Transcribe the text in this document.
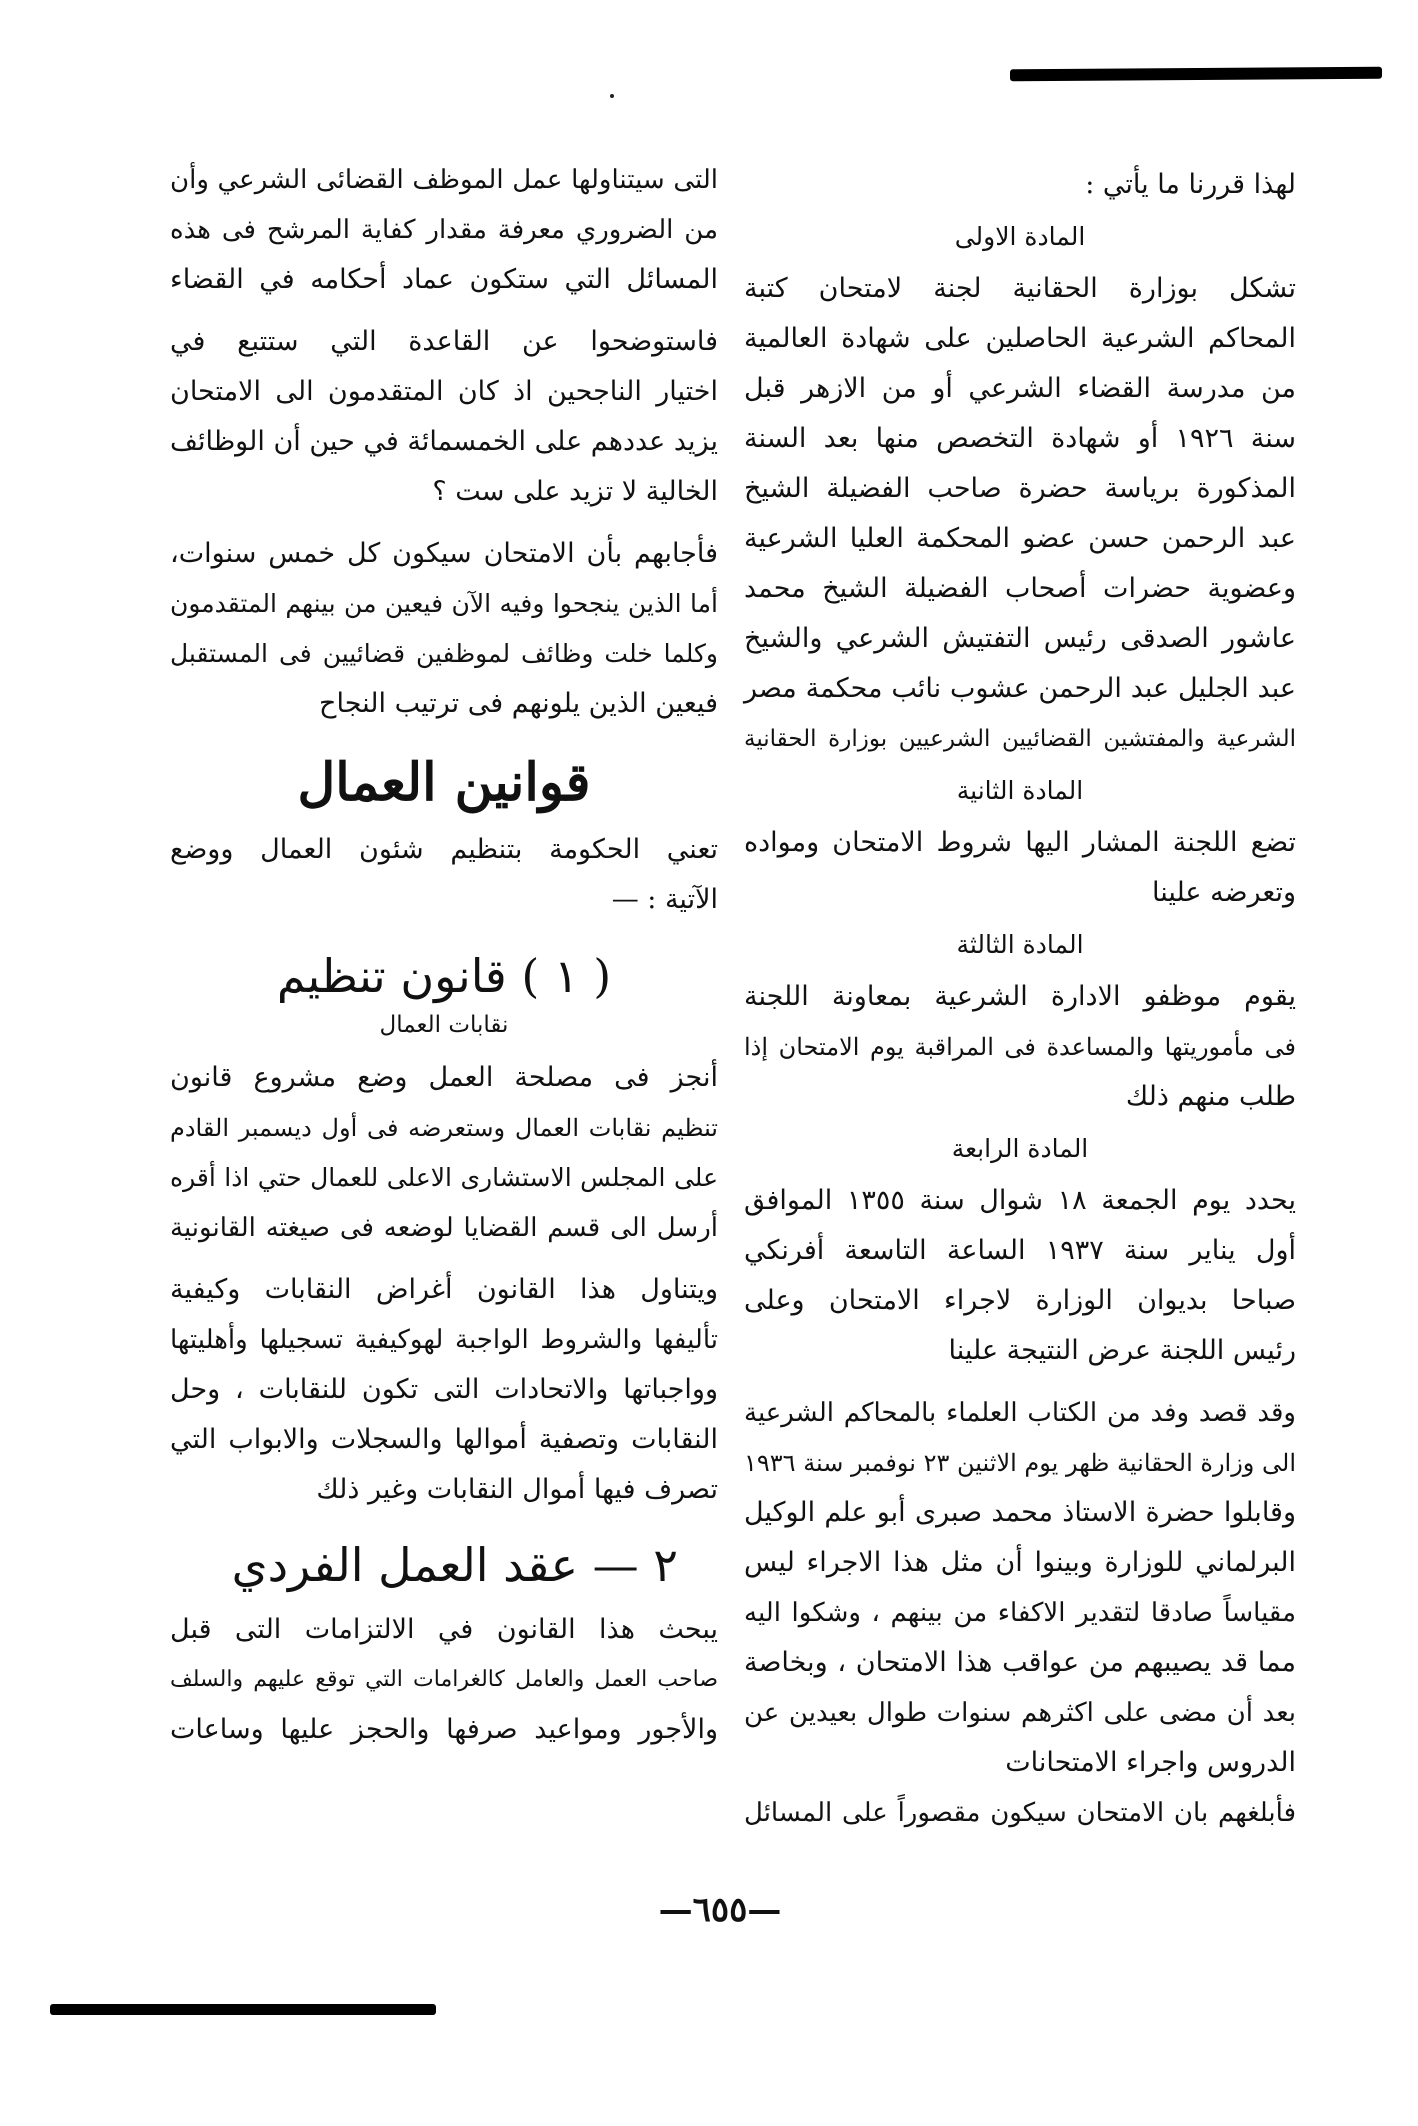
لهذا قررنا ما يأتي :
المادة الاولى
تشكل بوزارة الحقانية لجنة لامتحان كتبة
المحاكم الشرعية الحاصلين على شهادة العالمية
من مدرسة القضاء الشرعي أو من الازهر قبل
سنة ١٩٢٦ أو شهادة التخصص منها بعد السنة
المذكورة برياسة حضرة صاحب الفضيلة الشيخ
عبد الرحمن حسن عضو المحكمة العليا الشرعية
وعضوية حضرات أصحاب الفضيلة الشيخ محمد
عاشور الصدقى رئيس التفتيش الشرعي والشيخ
عبد الجليل عبد الرحمن عشوب نائب محكمة مصر
الشرعية والمفتشين القضائيين الشرعيين بوزارة الحقانية
المادة الثانية
تضع اللجنة المشار اليها شروط الامتحان ومواده
وتعرضه علينا
المادة الثالثة
يقوم موظفو الادارة الشرعية بمعاونة اللجنة
فى مأموريتها والمساعدة فى المراقبة يوم الامتحان إذا
طلب منهم ذلك
المادة الرابعة
يحدد يوم الجمعة ١٨ شوال سنة ١٣٥٥ الموافق
أول يناير سنة ١٩٣٧ الساعة التاسعة أفرنكي
صباحا بديوان الوزارة لاجراء الامتحان وعلى
رئيس اللجنة عرض النتيجة علينا
وقد قصد وفد من الكتاب العلماء بالمحاكم الشرعية
الى وزارة الحقانية ظهر يوم الاثنين ٢٣ نوفمبر سنة ١٩٣٦
وقابلوا حضرة الاستاذ محمد صبرى أبو علم الوكيل
البرلماني للوزارة وبينوا أن مثل هذا الاجراء ليس
مقياساً صادقا لتقدير الاكفاء من بينهم ، وشكوا اليه
مما قد يصيبهم من عواقب هذا الامتحان ، وبخاصة
بعد أن مضى على اكثرهم سنوات طوال بعيدين عن
الدروس واجراء الامتحانات
فأبلغهم بان الامتحان سيكون مقصوراً على المسائل
التى سيتناولها عمل الموظف القضائى الشرعي وأن
من الضروري معرفة مقدار كفاية المرشح فى هذه
المسائل التي ستكون عماد أحكامه في القضاء
فاستوضحوا عن القاعدة التي ستتبع في
اختيار الناجحين اذ كان المتقدمون الى الامتحان
يزيد عددهم على الخمسمائة في حين أن الوظائف
الخالية لا تزيد على ست ؟
فأجابهم بأن الامتحان سيكون كل خمس سنوات،
أما الذين ينجحوا وفيه الآن فيعين من بينهم المتقدمون
وكلما خلت وظائف لموظفين قضائيين فى المستقبل
فيعين الذين يلونهم فى ترتيب النجاح
قوانين العمال
تعني الحكومة بتنظيم شئون العمال ووضع
الآتية : —
( ١ ) قانون تنظيم
نقابات العمال
أنجز فى مصلحة العمل وضع مشروع قانون
تنظيم نقابات العمال وستعرضه فى أول ديسمبر القادم
على المجلس الاستشارى الاعلى للعمال حتي اذا أقره
أرسل الى قسم القضايا لوضعه فى صيغته القانونية
ويتناول هذا القانون أغراض النقابات وكيفية
تأليفها والشروط الواجبة لهوكيفية تسجيلها وأهليتها
وواجباتها والاتحادات التى تكون للنقابات ، وحل
النقابات وتصفية أموالها والسجلات والابواب التي
تصرف فيها أموال النقابات وغير ذلك
٢ — عقد العمل الفردي
يبحث هذا القانون في الالتزامات التى قبل
صاحب العمل والعامل كالغرامات التي توقع عليهم والسلف
والأجور ومواعيد صرفها والحجز عليها وساعات
—٦٥٥—
